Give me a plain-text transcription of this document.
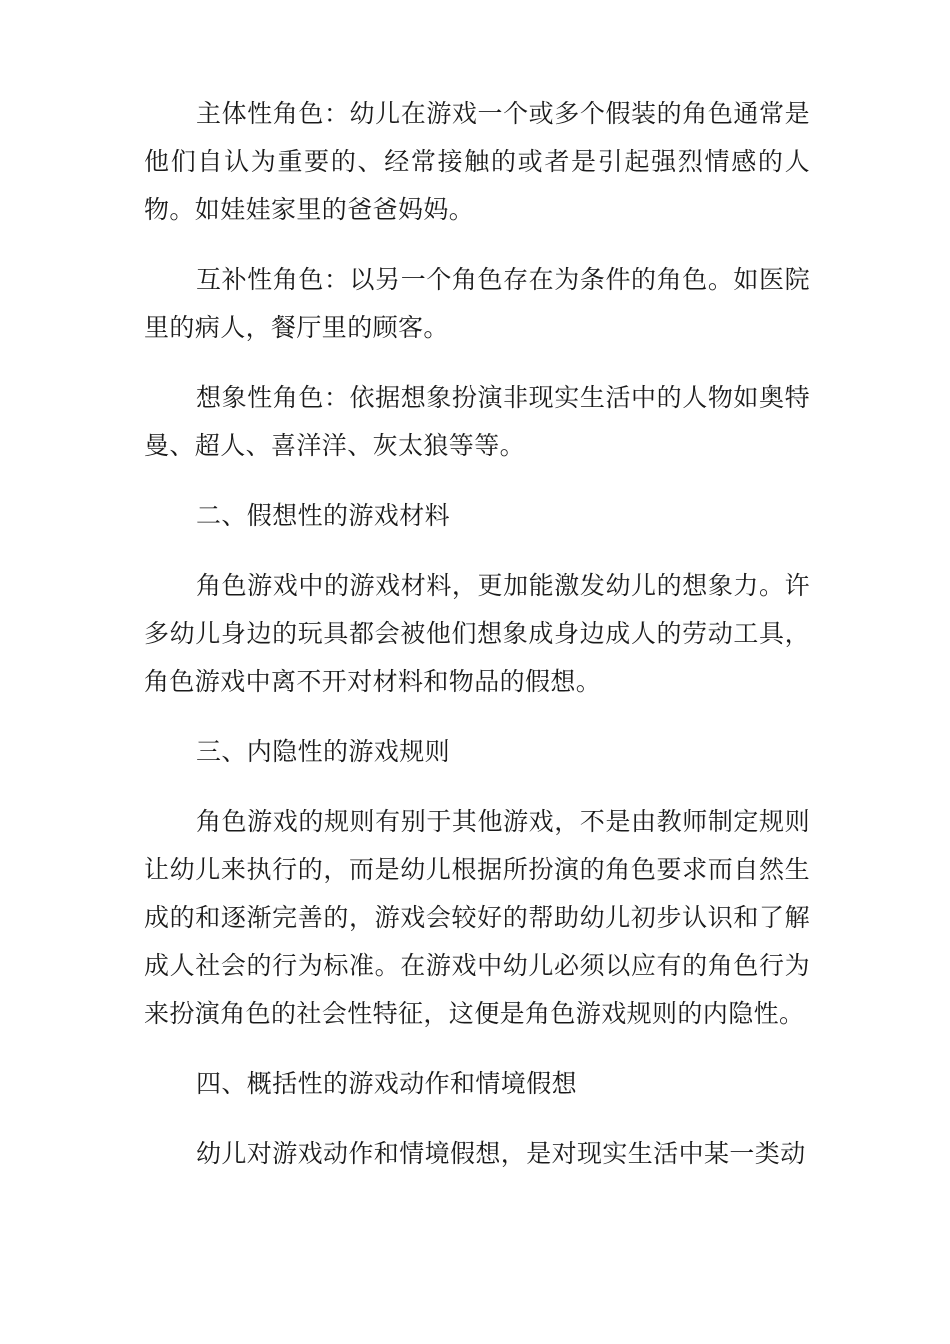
主体性角色：幼儿在游戏一个或多个假装的角色通常是他们自认为重要的、经常接触的或者是引起强烈情感的人物。如娃娃家里的爸爸妈妈。

互补性角色：以另一个角色存在为条件的角色。如医院里的病人，餐厅里的顾客。

想象性角色：依据想象扮演非现实生活中的人物如奥特曼、超人、喜洋洋、灰太狼等等。

二、假想性的游戏材料

角色游戏中的游戏材料，更加能激发幼儿的想象力。许多幼儿身边的玩具都会被他们想象成身边成人的劳动工具，角色游戏中离不开对材料和物品的假想。

三、内隐性的游戏规则

角色游戏的规则有别于其他游戏，不是由教师制定规则让幼儿来执行的，而是幼儿根据所扮演的角色要求而自然生成的和逐渐完善的，游戏会较好的帮助幼儿初步认识和了解成人社会的行为标准。在游戏中幼儿必须以应有的角色行为来扮演角色的社会性特征，这便是角色游戏规则的内隐性。

四、概括性的游戏动作和情境假想

幼儿对游戏动作和情境假想，是对现实生活中某一类动
